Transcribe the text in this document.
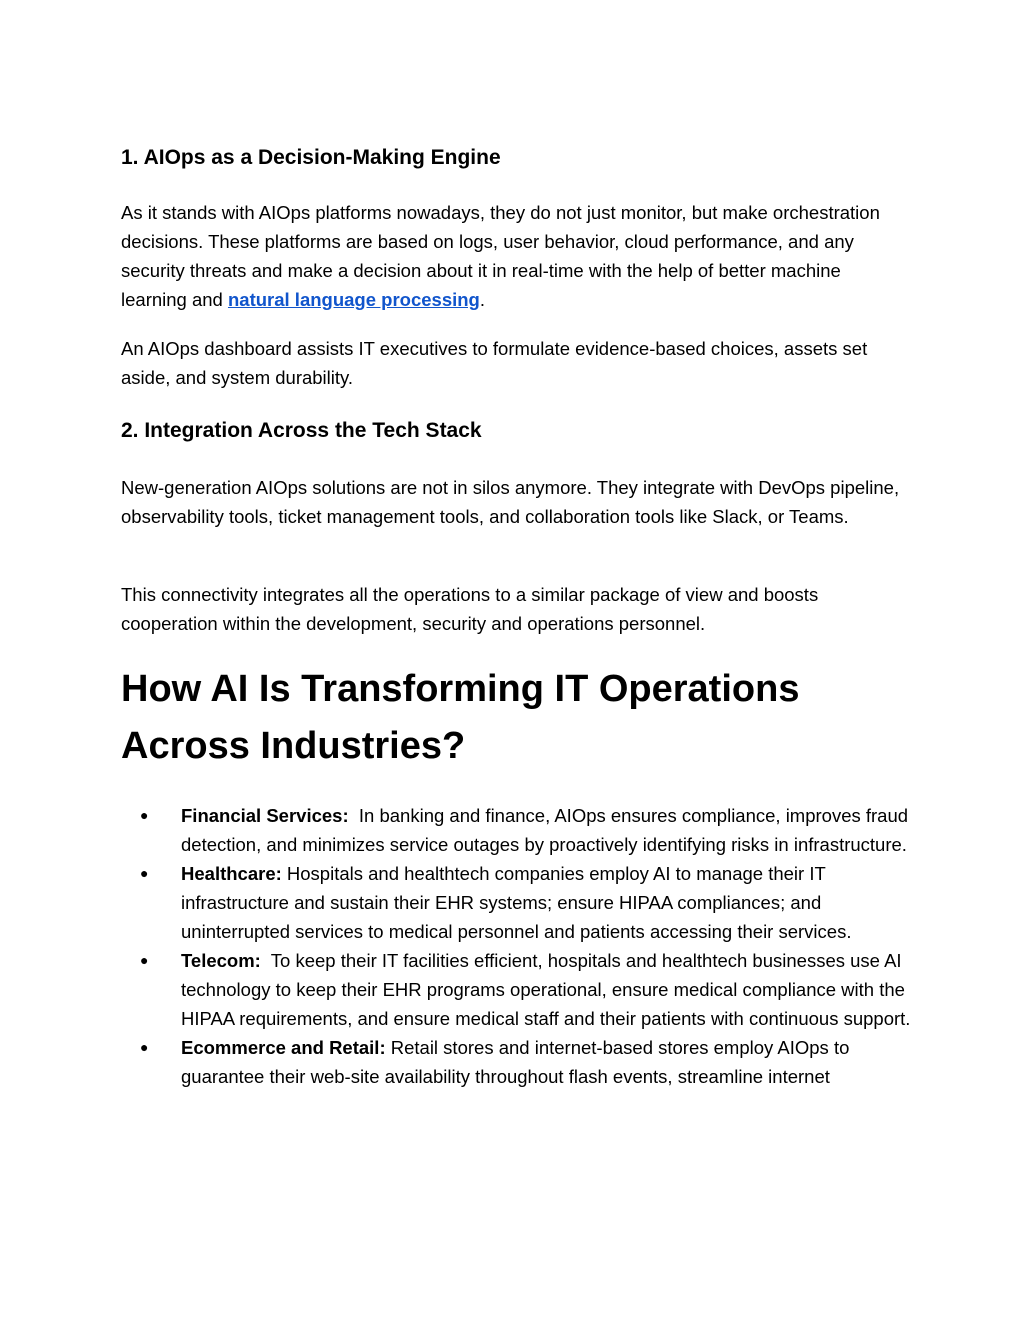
1. AIOps as a Decision-Making Engine

As it stands with AIOps platforms nowadays, they do not just monitor, but make orchestration decisions. These platforms are based on logs, user behavior, cloud performance, and any security threats and make a decision about it in real-time with the help of better machine learning and natural language processing.

An AIOps dashboard assists IT executives to formulate evidence-based choices, assets set aside, and system durability.

2. Integration Across the Tech Stack

New-generation AIOps solutions are not in silos anymore. They integrate with DevOps pipeline, observability tools, ticket management tools, and collaboration tools like Slack, or Teams.

This connectivity integrates all the operations to a similar package of view and boosts cooperation within the development, security and operations personnel.

How AI Is Transforming IT Operations Across Industries?
● Financial Services:  In banking and finance, AIOps ensures compliance, improves fraud detection, and minimizes service outages by proactively identifying risks in infrastructure.
● Healthcare: Hospitals and healthtech companies employ AI to manage their IT infrastructure and sustain their EHR systems; ensure HIPAA compliances; and uninterrupted services to medical personnel and patients accessing their services.
● Telecom:  To keep their IT facilities efficient, hospitals and healthtech businesses use AI technology to keep their EHR programs operational, ensure medical compliance with the HIPAA requirements, and ensure medical staff and their patients with continuous support.
● Ecommerce and Retail: Retail stores and internet-based stores employ AIOps to guarantee their web-site availability throughout flash events, streamline internet
